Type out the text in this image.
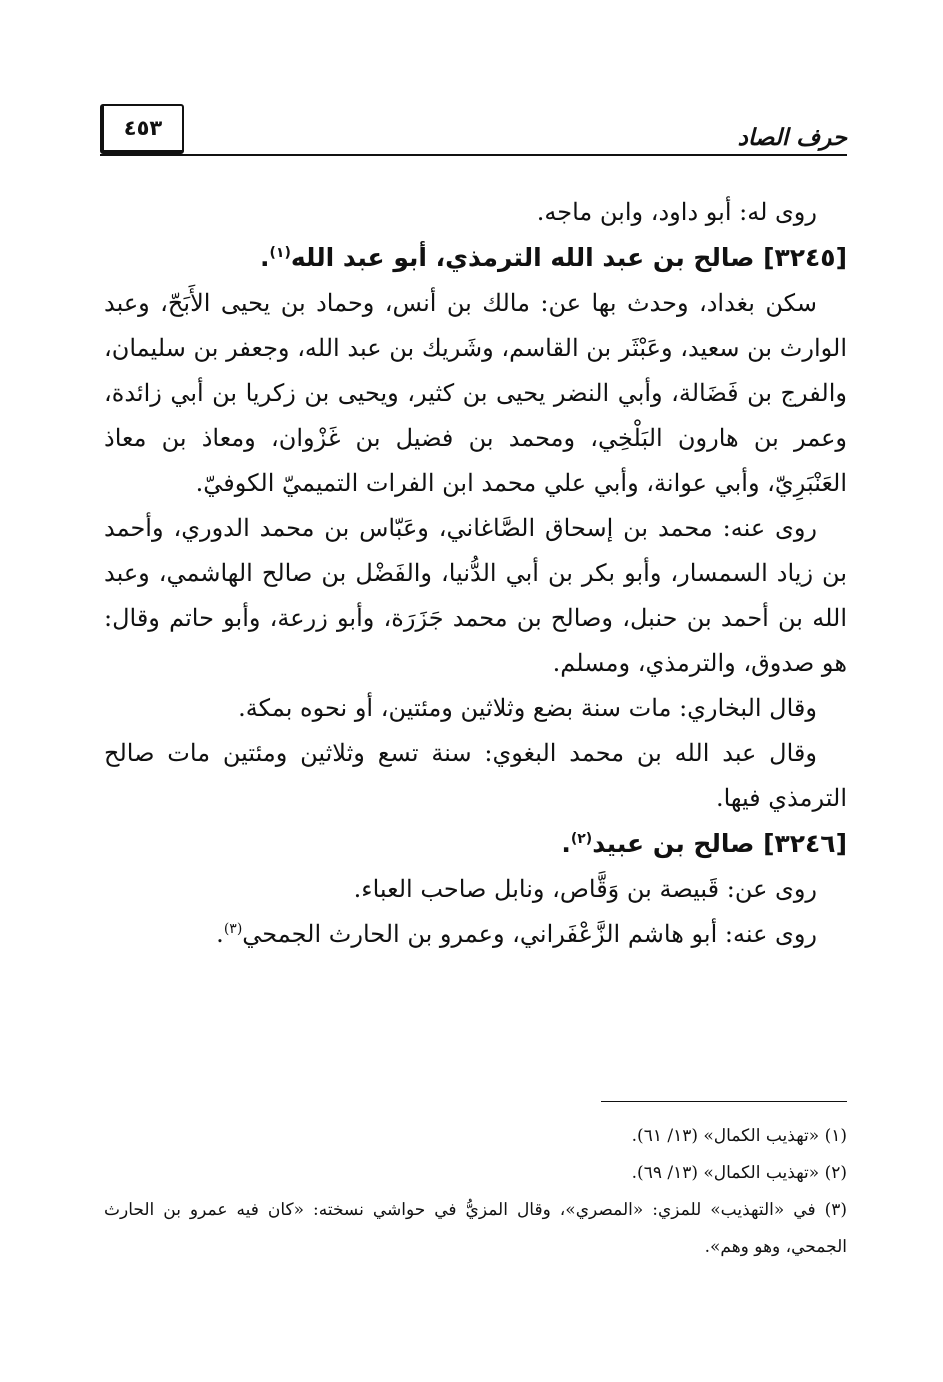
حرف الصاد
٤٥٣

روى له: أبو داود، وابن ماجه.

[٣٢٤٥] صالح بن عبد الله الترمذي، أبو عبد الله$^{(١)}$.

سكن بغداد، وحدث بها عن: مالك بن أنس، وحماد بن يحيى الأَبَحّ، وعبد الوارث بن سعيد، وعَبْثَر بن القاسم، وشَريك بن عبد الله، وجعفر بن سليمان، والفرج بن فَضَالة، وأبي النضر يحيى بن كثير، ويحيى بن زكريا بن أبي زائدة، وعمر بن هارون البَلْخِي، ومحمد بن فضيل بن غَزْوان، ومعاذ بن معاذ العَنْبَرِيّ، وأبي عوانة، وأبي علي محمد ابن الفرات التميميّ الكوفيّ.

روى عنه: محمد بن إسحاق الصَّاغاني، وعَبّاس بن محمد الدوري، وأحمد بن زياد السمسار، وأبو بكر بن أبي الدُّنيا، والفَضْل بن صالح الهاشمي، وعبد الله بن أحمد بن حنبل، وصالح بن محمد جَزَرَة، وأبو زرعة، وأبو حاتم وقال: هو صدوق، والترمذي، ومسلم.

وقال البخاري: مات سنة بضع وثلاثين ومئتين، أو نحوه بمكة.

وقال عبد الله بن محمد البغوي: سنة تسع وثلاثين ومئتين مات صالح الترمذي فيها.

[٣٢٤٦] صالح بن عبيد$^{(٢)}$.

روى عن: قَبيصة بن وَقَّاص، ونابل صاحب العباء.

روى عنه: أبو هاشم الزَّعْفَراني، وعمرو بن الحارث الجمحي$^{(٣)}$.

(١) «تهذيب الكمال» (١٣/ ٦١).

(٢) «تهذيب الكمال» (١٣/ ٦٩).

(٣) في «التهذيب» للمزي: «المصري»، وقال المزيُّ في حواشي نسخته: «كان فيه عمرو بن الحارث الجمحي، وهو وهم».
